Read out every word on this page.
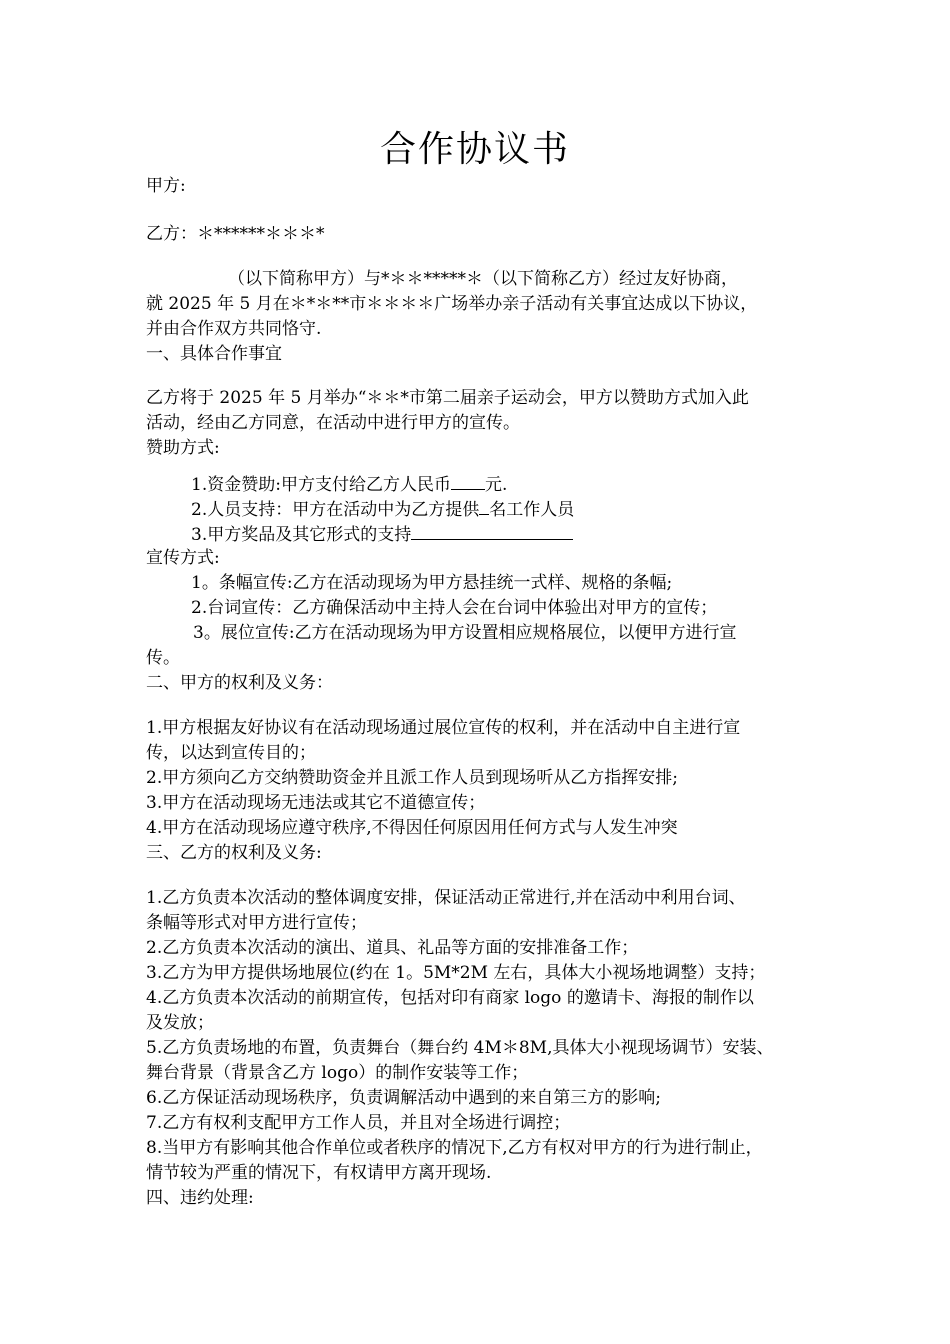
合作协议书

甲方:

乙方：＊******＊＊＊*

（以下简称甲方）与*＊＊*****＊（以下简称乙方）经过友好协商，

就 2025 年 5 月在＊*＊**市＊＊＊＊广场举办亲子活动有关事宜达成以下协议，

并由合作双方共同恪守.

一、具体合作事宜

乙方将于 2025 年 5 月举办“＊＊*市第二届亲子运动会，甲方以赞助方式加入此

活动，经由乙方同意，在活动中进行甲方的宣传。

赞助方式:

1.资金赞助:甲方支付给乙方人民币 元.

2.人员支持：甲方在活动中为乙方提供 名工作人员

3.甲方奖品及其它形式的支持

宣传方式:

1。条幅宣传:乙方在活动现场为甲方悬挂统一式样、规格的条幅;

2.台词宣传：乙方确保活动中主持人会在台词中体验出对甲方的宣传；

3。展位宣传:乙方在活动现场为甲方设置相应规格展位，以便甲方进行宣

传。

二、甲方的权利及义务：

1.甲方根据友好协议有在活动现场通过展位宣传的权利，并在活动中自主进行宣

传，以达到宣传目的；

2.甲方须向乙方交纳赞助资金并且派工作人员到现场听从乙方指挥安排;

3.甲方在活动现场无违法或其它不道德宣传；

4.甲方在活动现场应遵守秩序,不得因任何原因用任何方式与人发生冲突

三、乙方的权利及义务:

1.乙方负责本次活动的整体调度安排，保证活动正常进行,并在活动中利用台词、

条幅等形式对甲方进行宣传；

2.乙方负责本次活动的演出、道具、礼品等方面的安排准备工作；

3.乙方为甲方提供场地展位(约在 1。5M*2M 左右，具体大小视场地调整）支持；

4.乙方负责本次活动的前期宣传，包括对印有商家 logo 的邀请卡、海报的制作以

及发放；

5.乙方负责场地的布置，负责舞台（舞台约 4M＊8M,具体大小视现场调节）安装、

舞台背景（背景含乙方 logo）的制作安装等工作；

6.乙方保证活动现场秩序，负责调解活动中遇到的来自第三方的影响;

7.乙方有权利支配甲方工作人员，并且对全场进行调控；

8.当甲方有影响其他合作单位或者秩序的情况下,乙方有权对甲方的行为进行制止，

情节较为严重的情况下，有权请甲方离开现场.

四、违约处理:
